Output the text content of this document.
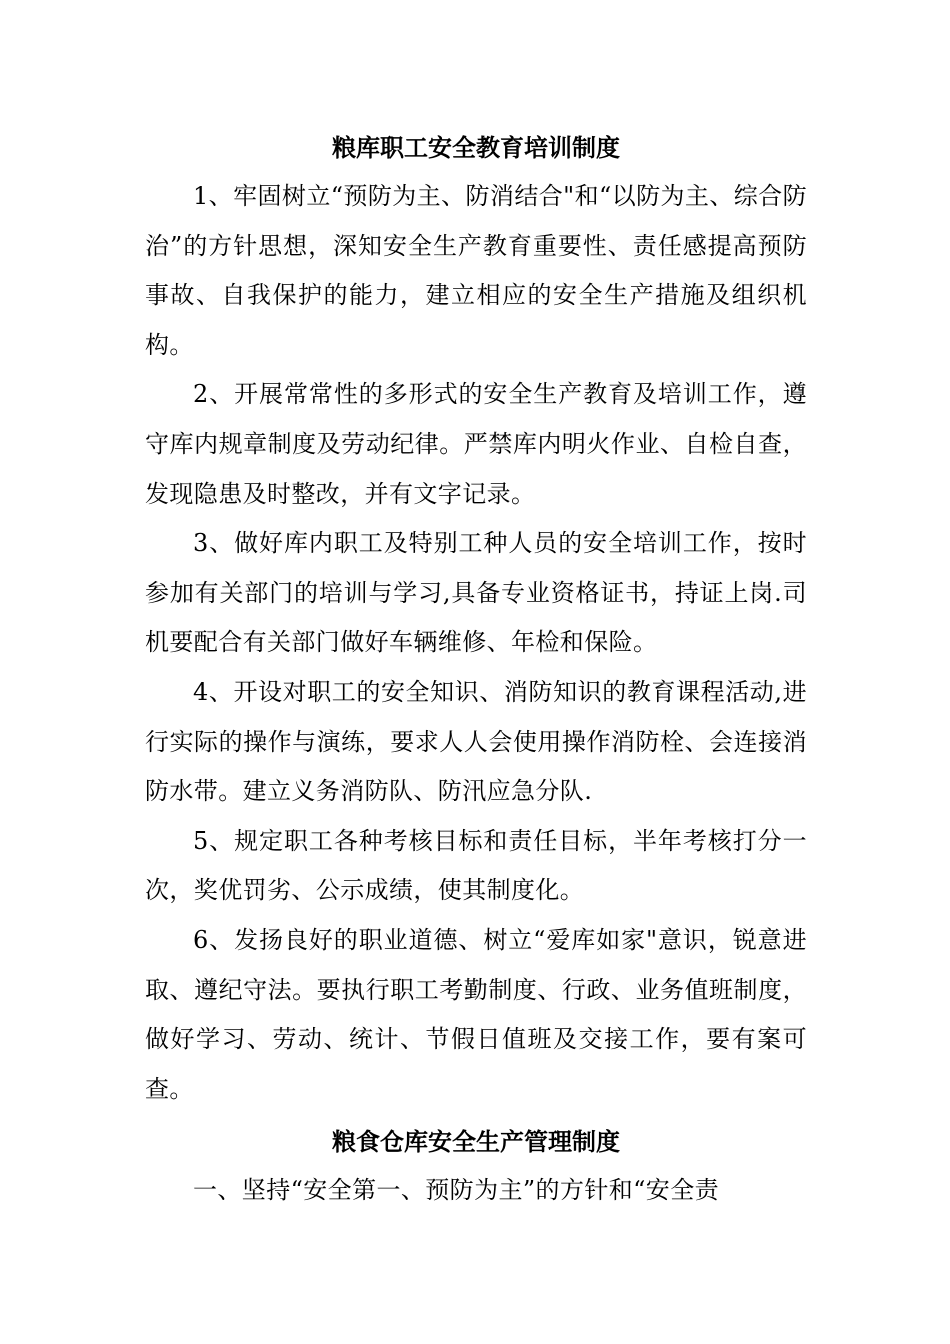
粮库职工安全教育培训制度

1、牢固树立“预防为主、防消结合"和“以防为主、综合防治”的方针思想，深知安全生产教育重要性、责任感提高预防事故、自我保护的能力，建立相应的安全生产措施及组织机构。

2、开展常常性的多形式的安全生产教育及培训工作，遵守库内规章制度及劳动纪律。严禁库内明火作业、自检自查，发现隐患及时整改，并有文字记录。

3、做好库内职工及特别工种人员的安全培训工作，按时参加有关部门的培训与学习,具备专业资格证书，持证上岗.司机要配合有关部门做好车辆维修、年检和保险。

4、开设对职工的安全知识、消防知识的教育课程活动,进行实际的操作与演练，要求人人会使用操作消防栓、会连接消防水带。建立义务消防队、防汛应急分队.

5、规定职工各种考核目标和责任目标，半年考核打分一次，奖优罚劣、公示成绩，使其制度化。

6、发扬良好的职业道德、树立“爱库如家"意识，锐意进取、遵纪守法。要执行职工考勤制度、行政、业务值班制度，做好学习、劳动、统计、节假日值班及交接工作，要有案可查。

粮食仓库安全生产管理制度

一、坚持“安全第一、预防为主”的方针和“安全责
